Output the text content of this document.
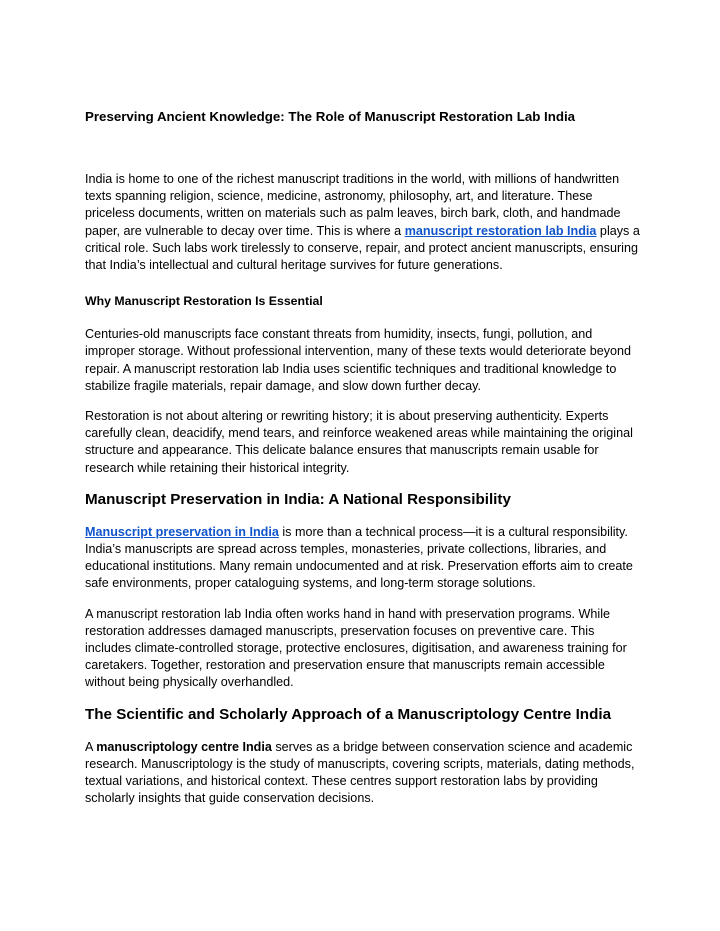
Preserving Ancient Knowledge: The Role of Manuscript Restoration Lab India

India is home to one of the richest manuscript traditions in the world, with millions of handwritten texts spanning religion, science, medicine, astronomy, philosophy, art, and literature. These priceless documents, written on materials such as palm leaves, birch bark, cloth, and handmade paper, are vulnerable to decay over time. This is where a manuscript restoration lab India plays a critical role. Such labs work tirelessly to conserve, repair, and protect ancient manuscripts, ensuring that India’s intellectual and cultural heritage survives for future generations.

Why Manuscript Restoration Is Essential

Centuries-old manuscripts face constant threats from humidity, insects, fungi, pollution, and improper storage. Without professional intervention, many of these texts would deteriorate beyond repair. A manuscript restoration lab India uses scientific techniques and traditional knowledge to stabilize fragile materials, repair damage, and slow down further decay.

Restoration is not about altering or rewriting history; it is about preserving authenticity. Experts carefully clean, deacidify, mend tears, and reinforce weakened areas while maintaining the original structure and appearance. This delicate balance ensures that manuscripts remain usable for research while retaining their historical integrity.

Manuscript Preservation in India: A National Responsibility

Manuscript preservation in India is more than a technical process—it is a cultural responsibility. India’s manuscripts are spread across temples, monasteries, private collections, libraries, and educational institutions. Many remain undocumented and at risk. Preservation efforts aim to create safe environments, proper cataloguing systems, and long-term storage solutions.

A manuscript restoration lab India often works hand in hand with preservation programs. While restoration addresses damaged manuscripts, preservation focuses on preventive care. This includes climate-controlled storage, protective enclosures, digitisation, and awareness training for caretakers. Together, restoration and preservation ensure that manuscripts remain accessible without being physically overhandled.

The Scientific and Scholarly Approach of a Manuscriptology Centre India

A manuscriptology centre India serves as a bridge between conservation science and academic research. Manuscriptology is the study of manuscripts, covering scripts, materials, dating methods, textual variations, and historical context. These centres support restoration labs by providing scholarly insights that guide conservation decisions.
